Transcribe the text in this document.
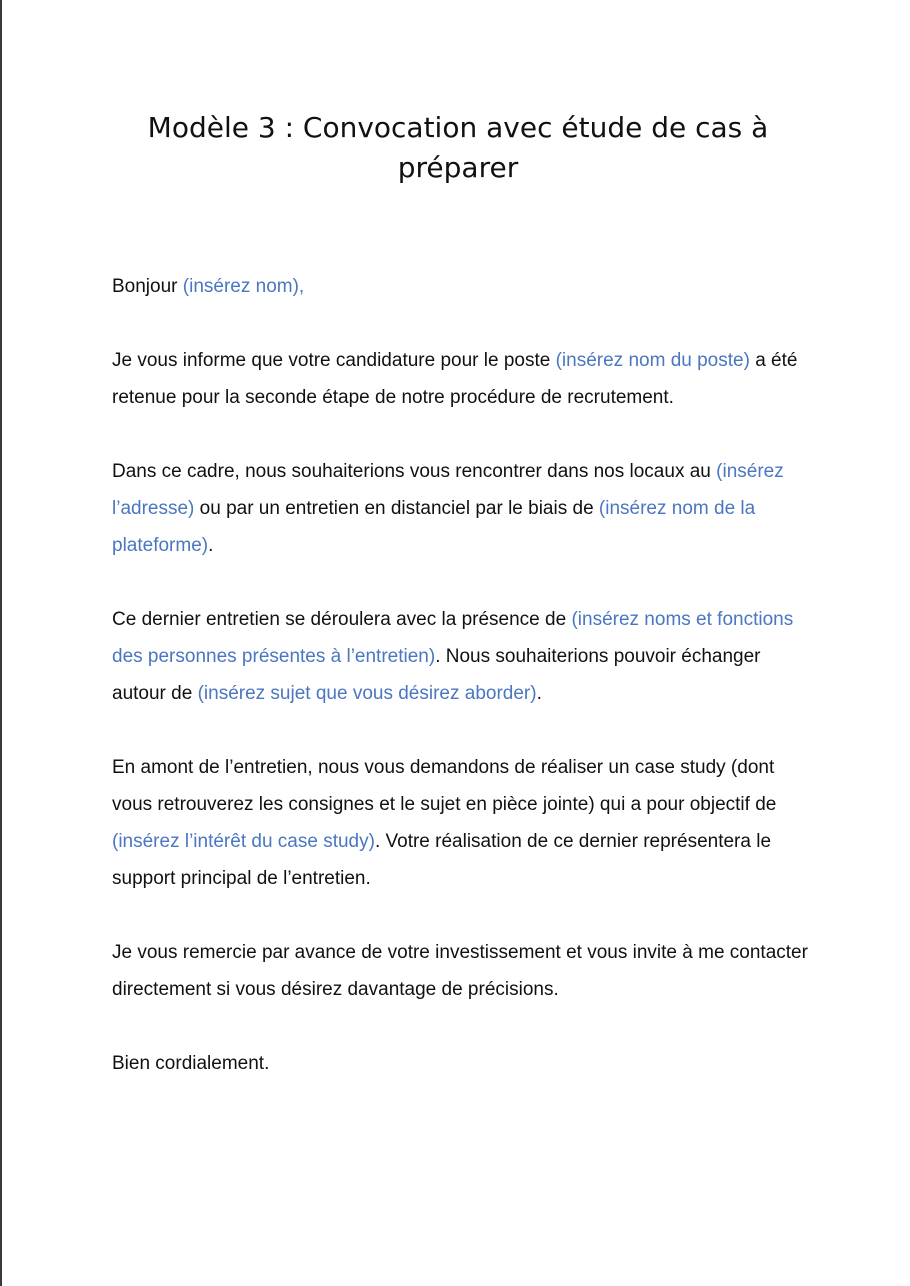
Modèle 3 : Convocation avec étude de cas à
préparer

Bonjour (insérez nom),

Je vous informe que votre candidature pour le poste (insérez nom du poste) a été retenue pour la seconde étape de notre procédure de recrutement.

Dans ce cadre, nous souhaiterions vous rencontrer dans nos locaux au (insérez l’adresse) ou par un entretien en distanciel par le biais de (insérez nom de la plateforme).

Ce dernier entretien se déroulera avec la présence de (insérez noms et fonctions des personnes présentes à l’entretien). Nous souhaiterions pouvoir échanger autour de (insérez sujet que vous désirez aborder).

En amont de l’entretien, nous vous demandons de réaliser un case study (dont vous retrouverez les consignes et le sujet en pièce jointe) qui a pour objectif de (insérez l’intérêt du case study). Votre réalisation de ce dernier représentera le support principal de l’entretien.

Je vous remercie par avance de votre investissement et vous invite à me contacter directement si vous désirez davantage de précisions.

Bien cordialement.
